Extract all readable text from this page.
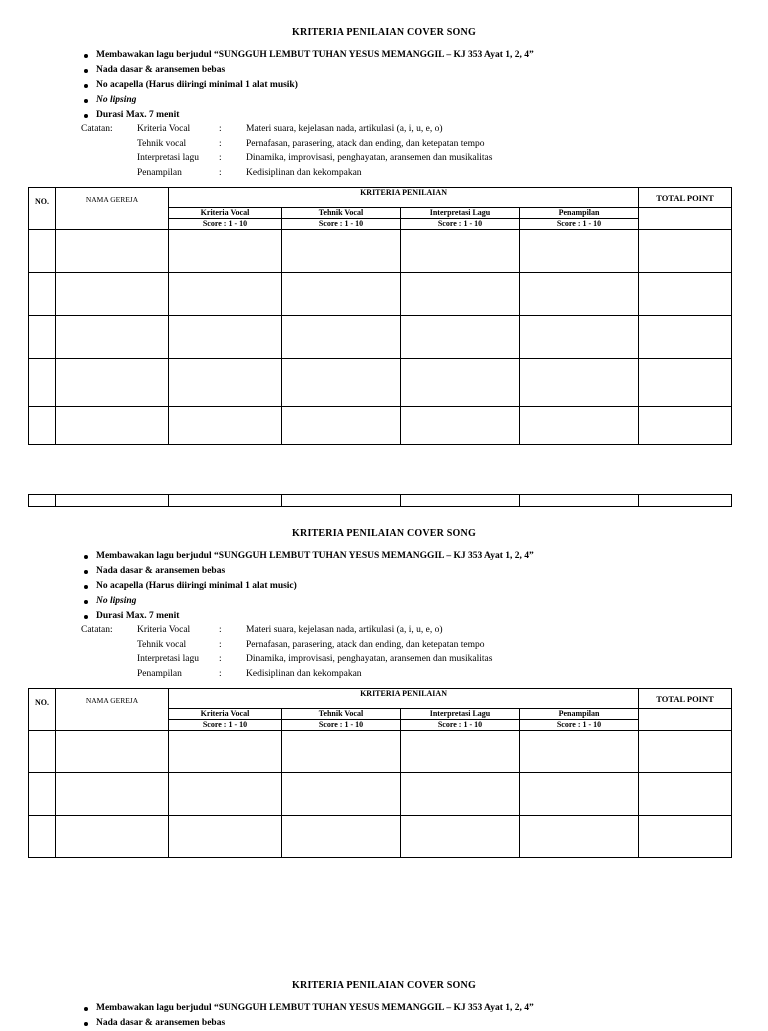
KRITERIA PENILAIAN COVER SONG
Membawakan lagu berjudul “SUNGGUH LEMBUT TUHAN YESUS MEMANGGIL – KJ 353 Ayat 1, 2, 4”
Nada dasar & aransemen bebas
No acapella (Harus diiringi minimal 1 alat musik)
No lipsing
Durasi Max. 7 menit
Catatan:	Kriteria Vocal	:	Materi suara, kejelasan nada, artikulasi (a, i, u, e, o)
Tehnik vocal	:	Pernafasan, parasering, atack dan ending, dan ketepatan tempo
Interpretasi lagu :	Dinamika, improvisasi, penghayatan, aransemen dan musikalitas
Penampilan	:	Kedisiplinan dan kekompakan
NO.	NAMA GEREJA	KRITERIA PENILAIAN				TOTAL POINT
		Kriteria Vocal	Tehnik Vocal	Interpretasi Lagu	Penampilan	
		Score : 1 - 10	Score : 1 - 10	Score : 1 - 10	Score : 1 - 10	

KRITERIA PENILAIAN COVER SONG
Membawakan lagu berjudul “SUNGGUH LEMBUT TUHAN YESUS MEMANGGIL – KJ 353 Ayat 1, 2, 4”
Nada dasar & aransemen bebas
No acapella (Harus diiringi minimal 1 alat music)
No lipsing
Durasi Max. 7 menit
Catatan:	Kriteria Vocal	:	Materi suara, kejelasan nada, artikulasi (a, i, u, e, o)
Tehnik vocal	:	Pernafasan, parasering, atack dan ending, dan ketepatan tempo
Interpretasi lagu :	Dinamika, improvisasi, penghayatan, aransemen dan musikalitas
Penampilan	:	Kedisiplinan dan kekompakan
NO.	NAMA GEREJA	KRITERIA PENILAIAN				TOTAL POINT
		Kriteria Vocal	Tehnik Vocal	Interpretasi Lagu	Penampilan	
		Score : 1 - 10	Score : 1 - 10	Score : 1 - 10	Score : 1 - 10	

KRITERIA PENILAIAN COVER SONG
Membawakan lagu berjudul “SUNGGUH LEMBUT TUHAN YESUS MEMANGGIL – KJ 353 Ayat 1, 2, 4”
Nada dasar & aransemen bebas
